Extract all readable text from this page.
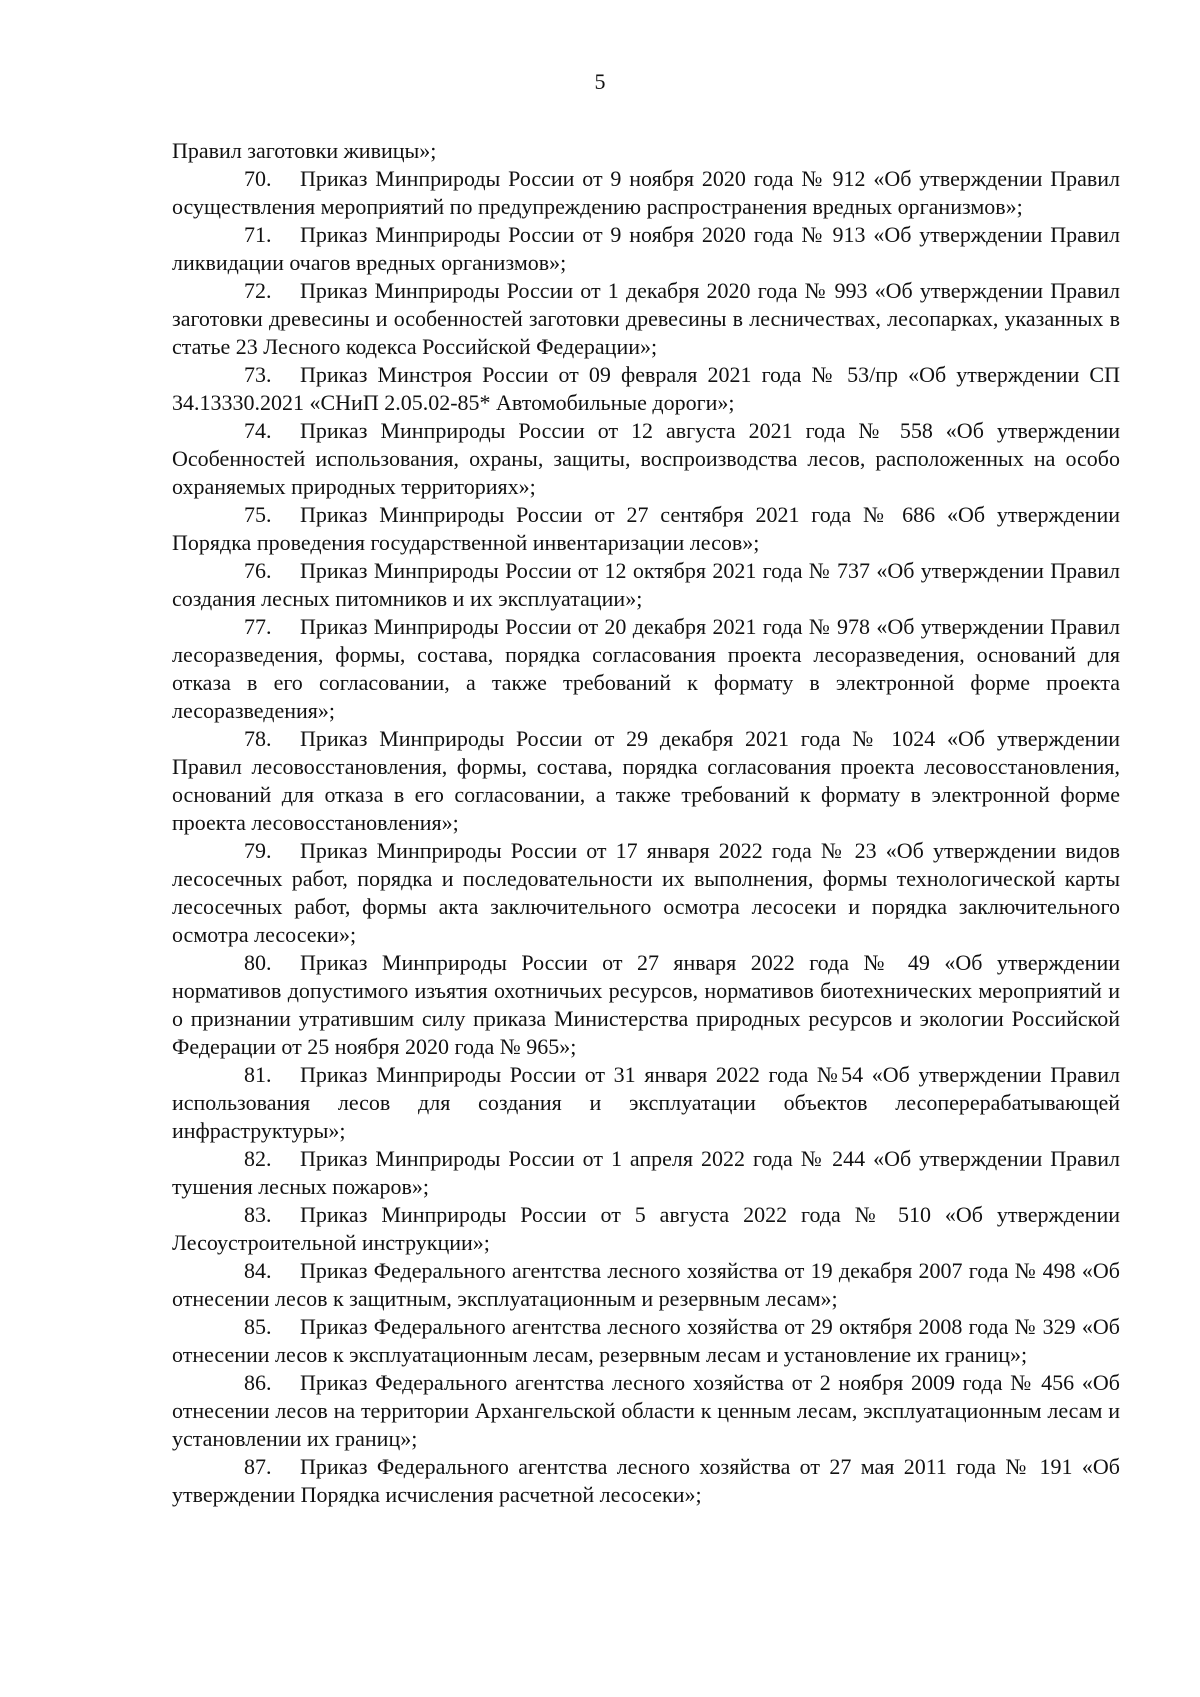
5

Правил заготовки живицы»;

70. Приказ Минприроды России от 9 ноября 2020 года № 912 «Об утверждении Правил осуществления мероприятий по предупреждению распространения вредных организмов»;

71. Приказ Минприроды России от 9 ноября 2020 года № 913 «Об утверждении Правил ликвидации очагов вредных организмов»;

72. Приказ Минприроды России от 1 декабря 2020 года № 993 «Об утверждении Правил заготовки древесины и особенностей заготовки древесины в лесничествах, лесопарках, указанных в статье 23 Лесного кодекса Российской Федерации»;

73. Приказ Минстроя России от 09 февраля 2021 года № 53/пр «Об утверждении СП 34.13330.2021 «СНиП 2.05.02-85* Автомобильные дороги»;

74. Приказ Минприроды России от 12 августа 2021 года № 558 «Об утверждении Особенностей использования, охраны, защиты, воспроизводства лесов, расположенных на особо охраняемых природных территориях»;

75. Приказ Минприроды России от 27 сентября 2021 года № 686 «Об утверждении Порядка проведения государственной инвентаризации лесов»;

76. Приказ Минприроды России от 12 октября 2021 года № 737 «Об утверждении Правил создания лесных питомников и их эксплуатации»;

77. Приказ Минприроды России от 20 декабря 2021 года № 978 «Об утверждении Правил лесоразведения, формы, состава, порядка согласования проекта лесоразведения, оснований для отказа в его согласовании, а также требований к формату в электронной форме проекта лесоразведения»;

78. Приказ Минприроды России от 29 декабря 2021 года № 1024 «Об утверждении Правил лесовосстановления, формы, состава, порядка согласования проекта лесовосстановления, оснований для отказа в его согласовании, а также требований к формату в электронной форме проекта лесовосстановления»;

79. Приказ Минприроды России от 17 января 2022 года № 23 «Об утверждении видов лесосечных работ, порядка и последовательности их выполнения, формы технологической карты лесосечных работ, формы акта заключительного осмотра лесосеки и порядка заключительного осмотра лесосеки»;

80. Приказ Минприроды России от 27 января 2022 года № 49 «Об утверждении нормативов допустимого изъятия охотничьих ресурсов, нормативов биотехнических мероприятий и о признании утратившим силу приказа Министерства природных ресурсов и экологии Российской Федерации от 25 ноября 2020 года № 965»;

81. Приказ Минприроды России от 31 января 2022 года №54 «Об утверждении Правил использования лесов для создания и эксплуатации объектов лесоперерабатывающей инфраструктуры»;

82. Приказ Минприроды России от 1 апреля 2022 года № 244 «Об утверждении Правил тушения лесных пожаров»;

83. Приказ Минприроды России от 5 августа 2022 года № 510 «Об утверждении Лесоустроительной инструкции»;

84. Приказ Федерального агентства лесного хозяйства от 19 декабря 2007 года № 498 «Об отнесении лесов к защитным, эксплуатационным и резервным лесам»;

85. Приказ Федерального агентства лесного хозяйства от 29 октября 2008 года № 329 «Об отнесении лесов к эксплуатационным лесам, резервным лесам и установление их границ»;

86. Приказ Федерального агентства лесного хозяйства от 2 ноября 2009 года № 456 «Об отнесении лесов на территории Архангельской области к ценным лесам, эксплуатационным лесам и установлении их границ»;

87. Приказ Федерального агентства лесного хозяйства от 27 мая 2011 года № 191 «Об утверждении Порядка исчисления расчетной лесосеки»;
